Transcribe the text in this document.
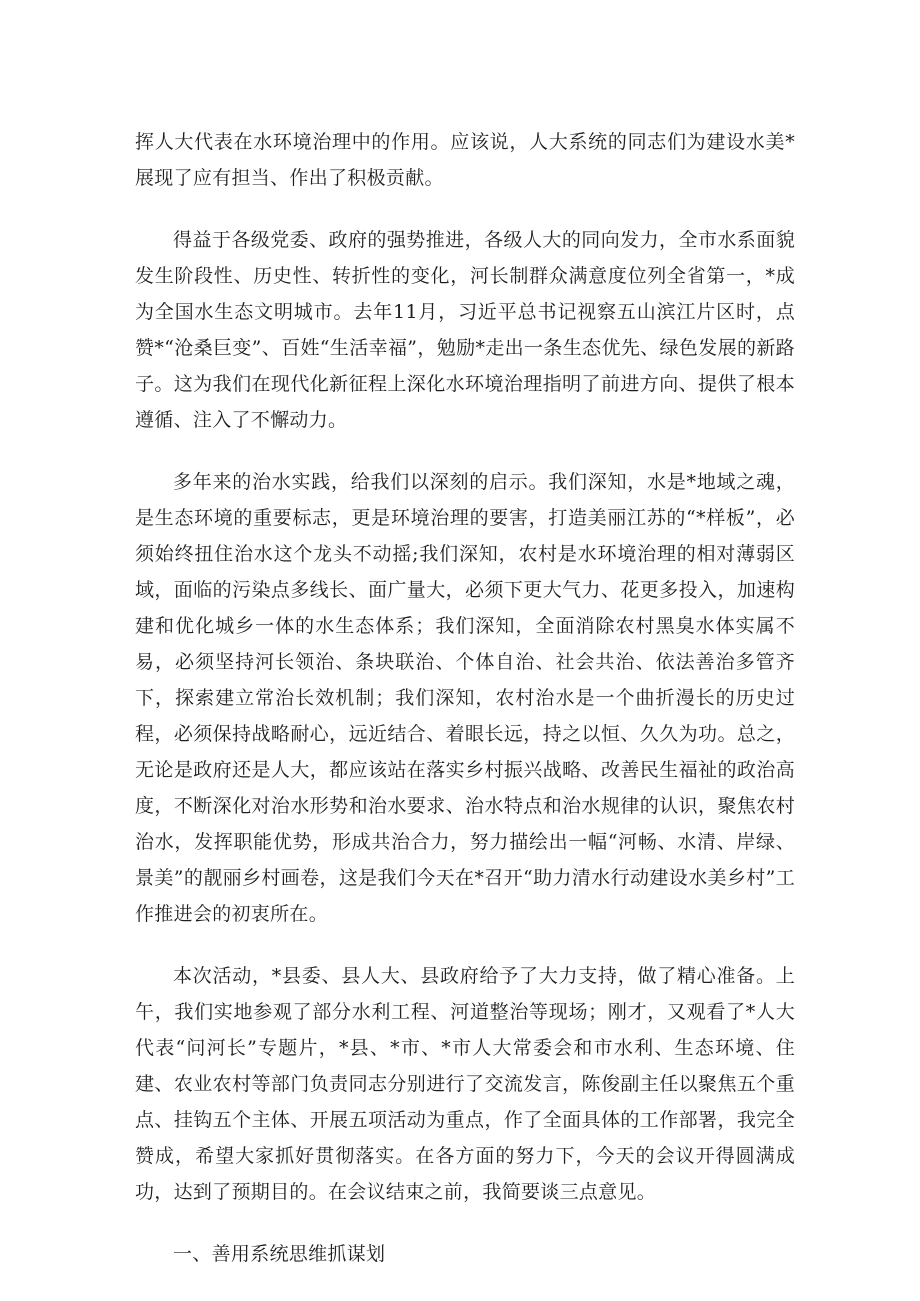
挥人大代表在水环境治理中的作用。应该说，人大系统的同志们为建设水美*展现了应有担当、作出了积极贡献。

得益于各级党委、政府的强势推进，各级人大的同向发力，全市水系面貌发生阶段性、历史性、转折性的变化，河长制群众满意度位列全省第一，*成为全国水生态文明城市。去年11月，习近平总书记视察五山滨江片区时，点赞*“沧桑巨变”、百姓“生活幸福”，勉励*走出一条生态优先、绿色发展的新路子。这为我们在现代化新征程上深化水环境治理指明了前进方向、提供了根本遵循、注入了不懈动力。

多年来的治水实践，给我们以深刻的启示。我们深知，水是*地域之魂，是生态环境的重要标志，更是环境治理的要害，打造美丽江苏的“*样板”，必须始终扭住治水这个龙头不动摇;我们深知，农村是水环境治理的相对薄弱区域，面临的污染点多线长、面广量大，必须下更大气力、花更多投入，加速构建和优化城乡一体的水生态体系；我们深知，全面消除农村黑臭水体实属不易，必须坚持河长领治、条块联治、个体自治、社会共治、依法善治多管齐下，探索建立常治长效机制；我们深知，农村治水是一个曲折漫长的历史过程，必须保持战略耐心，远近结合、着眼长远，持之以恒、久久为功。总之，无论是政府还是人大，都应该站在落实乡村振兴战略、改善民生福祉的政治高度，不断深化对治水形势和治水要求、治水特点和治水规律的认识，聚焦农村治水，发挥职能优势，形成共治合力，努力描绘出一幅“河畅、水清、岸绿、景美”的靓丽乡村画卷，这是我们今天在*召开“助力清水行动建设水美乡村”工作推进会的初衷所在。

本次活动，*县委、县人大、县政府给予了大力支持，做了精心准备。上午，我们实地参观了部分水利工程、河道整治等现场；刚才，又观看了*人大代表“问河长”专题片，*县、*市、*市人大常委会和市水利、生态环境、住建、农业农村等部门负责同志分别进行了交流发言，陈俊副主任以聚焦五个重点、挂钩五个主体、开展五项活动为重点，作了全面具体的工作部署，我完全赞成，希望大家抓好贯彻落实。在各方面的努力下，今天的会议开得圆满成功，达到了预期目的。在会议结束之前，我简要谈三点意见。

一、善用系统思维抓谋划
